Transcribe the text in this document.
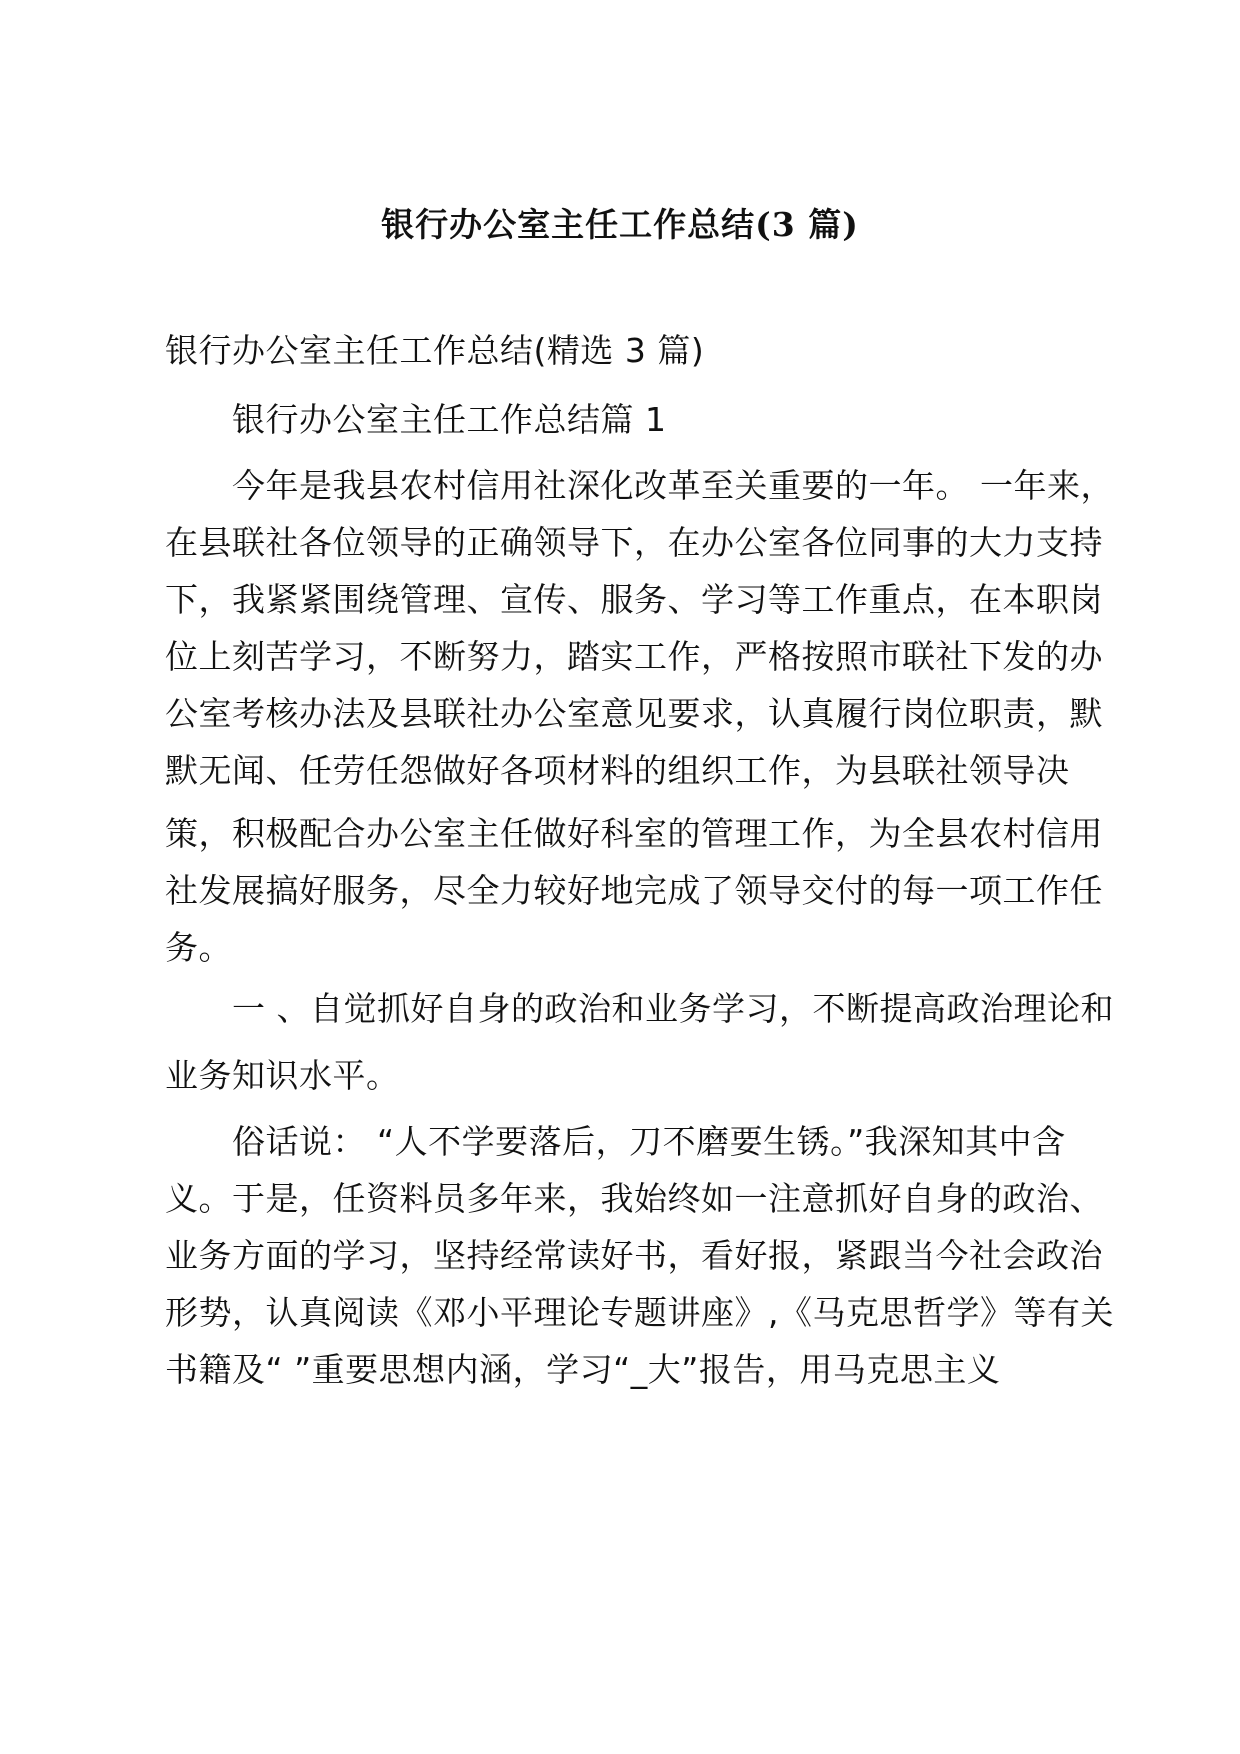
银行办公室主任工作总结(3 篇)
银行办公室主任工作总结(精选 3 篇)
银行办公室主任工作总结篇 1
今年是我县农村信用社深化改革至关重要的一年。 一年来，
在县联社各位领导的正确领导下，在办公室各位同事的大力支持
下，我紧紧围绕管理、宣传、服务、学习等工作重点，在本职岗
位上刻苦学习，不断努力，踏实工作，严格按照市联社下发的办
公室考核办法及县联社办公室意见要求，认真履行岗位职责，默
默无闻、任劳任怨做好各项材料的组织工作，为县联社领导决
策，积极配合办公室主任做好科室的管理工作，为全县农村信用
社发展搞好服务，尽全力较好地完成了领导交付的每一项工作任
务。
一 、自觉抓好自身的政治和业务学习，不断提高政治理论和
业务知识水平。
俗话说： “人不学要落后，刀不磨要生锈。”我深知其中含
义。于是，任资料员多年来，我始终如一注意抓好自身的政治、
业务方面的学习，坚持经常读好书，看好报，紧跟当今社会政治
形势，认真阅读《邓小平理论专题讲座》,《马克思哲学》等有关
书籍及“ ”重要思想内涵，学习“_大”报告，用马克思主义
